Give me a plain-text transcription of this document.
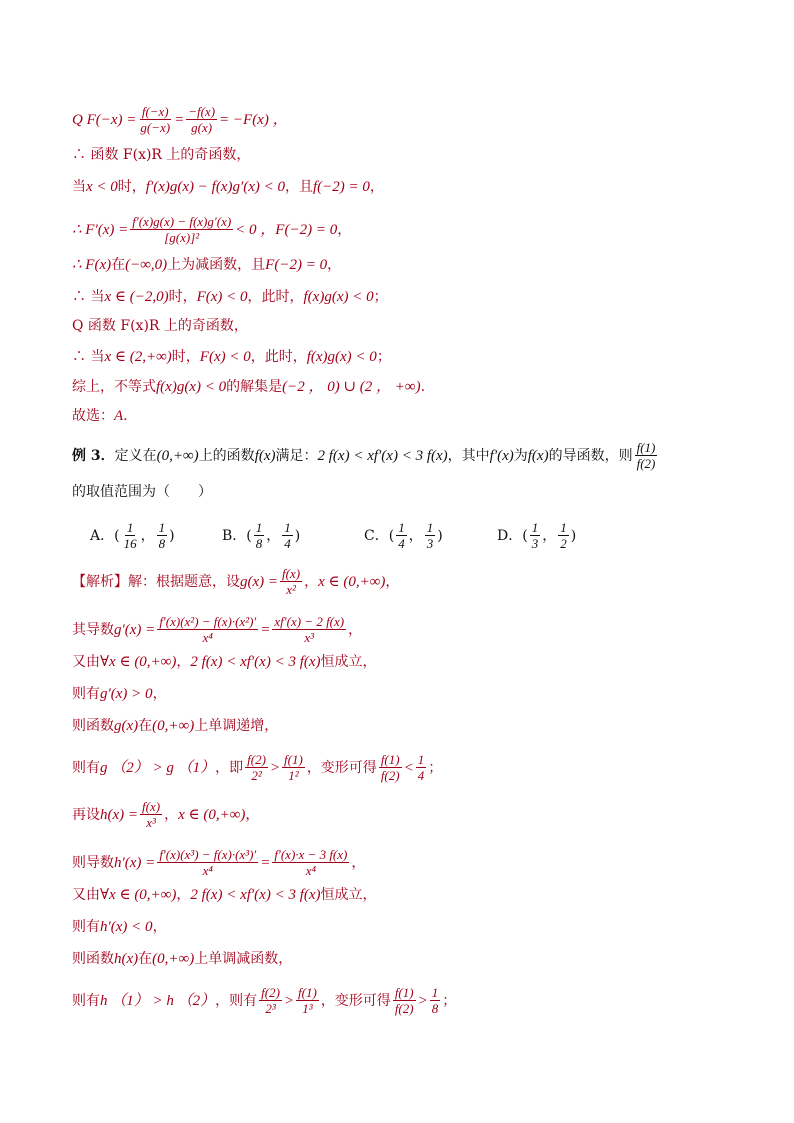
Q $F(-x) = \frac{f(-x)}{g(-x)} = \frac{-f(x)}{g(x)} = -F(x)$ ，
∴ 函数 F(x)R 上的奇函数，
当 x < 0 时， f′(x)g(x) − f(x)g′(x) < 0 ，且 f(−2) = 0 ，
∴ $F'(x) = \frac{f'(x)g(x) - f(x)g'(x)}{\text{[g(x)]²}} < 0$ ， F(−2) = 0 ，
∴ F(x) 在 (−∞,0) 上为减函数，且 F(−2) = 0 ，
∴ 当 x ∈ (−2,0) 时， F(x) < 0 ，此时， f(x)g(x) < 0 ；
Q 函数 F(x)R 上的奇函数，
∴ 当 x ∈ (2,+∞) 时， F(x) < 0 ，此时， f(x)g(x) < 0 ；
综上，不等式 f(x)g(x) < 0 的解集是 (−2 ， 0) ∪ (2 ， +∞) .
故选： A .
例 3． 定义在 (0,+∞) 上的函数 f(x) 满足： 2 f(x) < xf′(x) < 3 f(x) ，其中 f′(x) 为 f(x) 的导函数，则 $\frac{f(1)}{f(2)}$
的取值范围为（　　）
A．( $\frac{1}{16}$ ， $\frac{1}{8}$ )	B．( $\frac{1}{8}$ ， $\frac{1}{4}$ )	C．( $\frac{1}{4}$ ， $\frac{1}{3}$ )	D．( $\frac{1}{3}$ ， $\frac{1}{2}$ )
【解析】 解：根据题意，设 $g(x) = \frac{f(x)}{\text{x²}}$ ， x ∈ (0,+∞) ，
其导数 $g'(x) = \frac{\text{f′(x)(x²) − f(x)·(x²)′}}{\text{x⁴}} = \frac{xf'(x) - 2 f(x)}{\text{x³}}$ ，
又由 ∀x ∈ (0,+∞) ， 2 f(x) < xf′(x) < 3 f(x) 恒成立，
则有 g′(x) > 0 ，
则函数 g(x) 在 (0,+∞) 上单调递增，
则有 g （2） > g （1） ，即 $\frac{f(2)}{\text{2²}} > \frac{f(1)}{\text{1²}}$ ，变形可得 $\frac{f(1)}{f(2)} < \frac{1}{4}$ ；
再设 $h(x) = \frac{f(x)}{\text{x³}}$ ， x ∈ (0,+∞) ，
则导数 $h'(x) = \frac{\text{f′(x)(x³) − f(x)·(x³)′}}{\text{x⁴}} = \frac{f'(x)\cdot x - 3 f(x)}{\text{x⁴}}$ ，
又由 ∀x ∈ (0,+∞) ， 2 f(x) < xf′(x) < 3 f(x) 恒成立，
则有 h′(x) < 0 ，
则函数 h(x) 在 (0,+∞) 上单调减函数，
则有 h （1） > h （2） ，则有 $\frac{f(2)}{\text{2³}} > \frac{f(1)}{\text{1³}}$ ，变形可得 $\frac{f(1)}{f(2)} > \frac{1}{8}$ ；
